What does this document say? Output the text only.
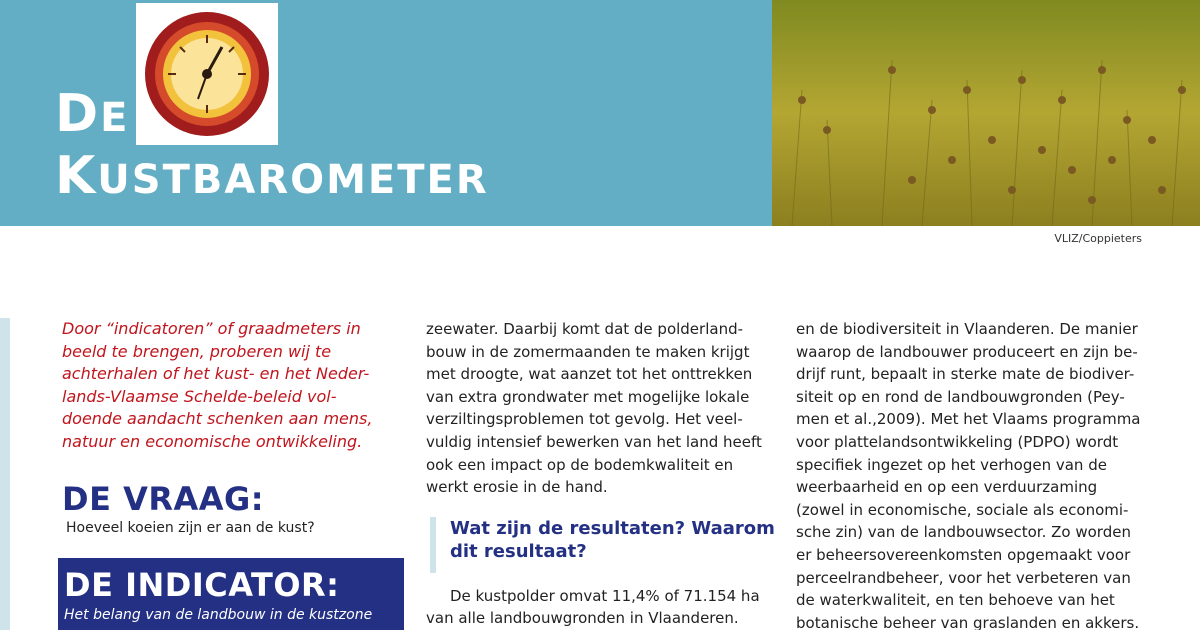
DE
KUSTBAROMETER
VLIZ/Coppieters
Door “indicatoren” of graadmeters in
beeld te brengen, proberen wij te
achterhalen of het kust- en het Neder-
lands-Vlaamse Schelde-beleid vol-
doende aandacht schenken aan mens,
natuur en economische ontwikkeling.
DE VRAAG:
Hoeveel koeien zijn er aan de kust?
DE INDICATOR:
Het belang van de landbouw in de kustzone
zeewater. Daarbij komt dat de polderland-
bouw in de zomermaanden te maken krijgt
met droogte, wat aanzet tot het onttrekken
van extra grondwater met mogelijke lokale
verziltingsproblemen tot gevolg. Het veel-
vuldig intensief bewerken van het land heeft
ook een impact op de bodemkwaliteit en
werkt erosie in de hand.
Wat zijn de resultaten? Waarom
dit resultaat?
De kustpolder omvat 11,4% of 71.154 ha
van alle landbouwgronden in Vlaanderen.
en de biodiversiteit in Vlaanderen. De manier
waarop de landbouwer produceert en zijn be-
drijf runt, bepaalt in sterke mate de biodiver-
siteit op en rond de landbouwgronden (Pey-
men et al.,2009). Met het Vlaams programma
voor plattelandsontwikkeling (PDPO) wordt
specifiek ingezet op het verhogen van de
weerbaarheid en op een verduurzaming
(zowel in economische, sociale als economi-
sche zin) van de landbouwsector. Zo worden
er beheersovereenkomsten opgemaakt voor
perceelrandbeheer, voor het verbeteren van
de waterkwaliteit, en ten behoeve van het
botanische beheer van graslanden en akkers.
